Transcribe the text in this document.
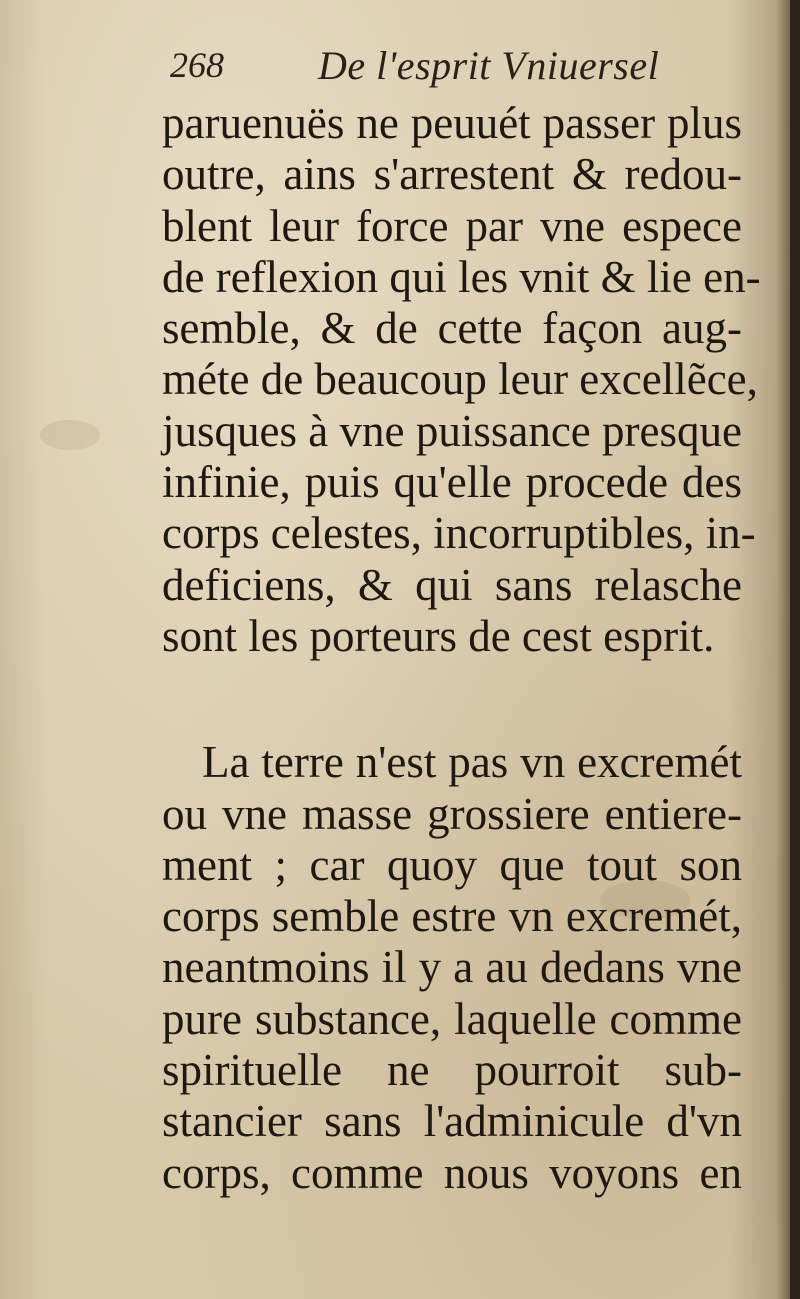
268 De l'esprit Vniuersel
paruenuës ne peuuét passer plus
outre, ains s'arrestent & redou-
blent leur force par vne espece
de reflexion qui les vnit & lie en-
semble, & de cette façon aug-
méte de beaucoup leur excellẽce,
jusques à vne puissance presque
infinie, puis qu'elle procede des
corps celestes, incorruptibles, in-
deficiens, & qui sans relasche
sont les porteurs de cest esprit.
La terre n'est pas vn excremét
ou vne masse grossiere entiere-
ment ; car quoy que tout son
corps semble estre vn excremét,
neantmoins il y a au dedans vne
pure substance, laquelle comme
spirituelle ne pourroit sub-
stancier sans l'adminicule d'vn
corps, comme nous voyons en
